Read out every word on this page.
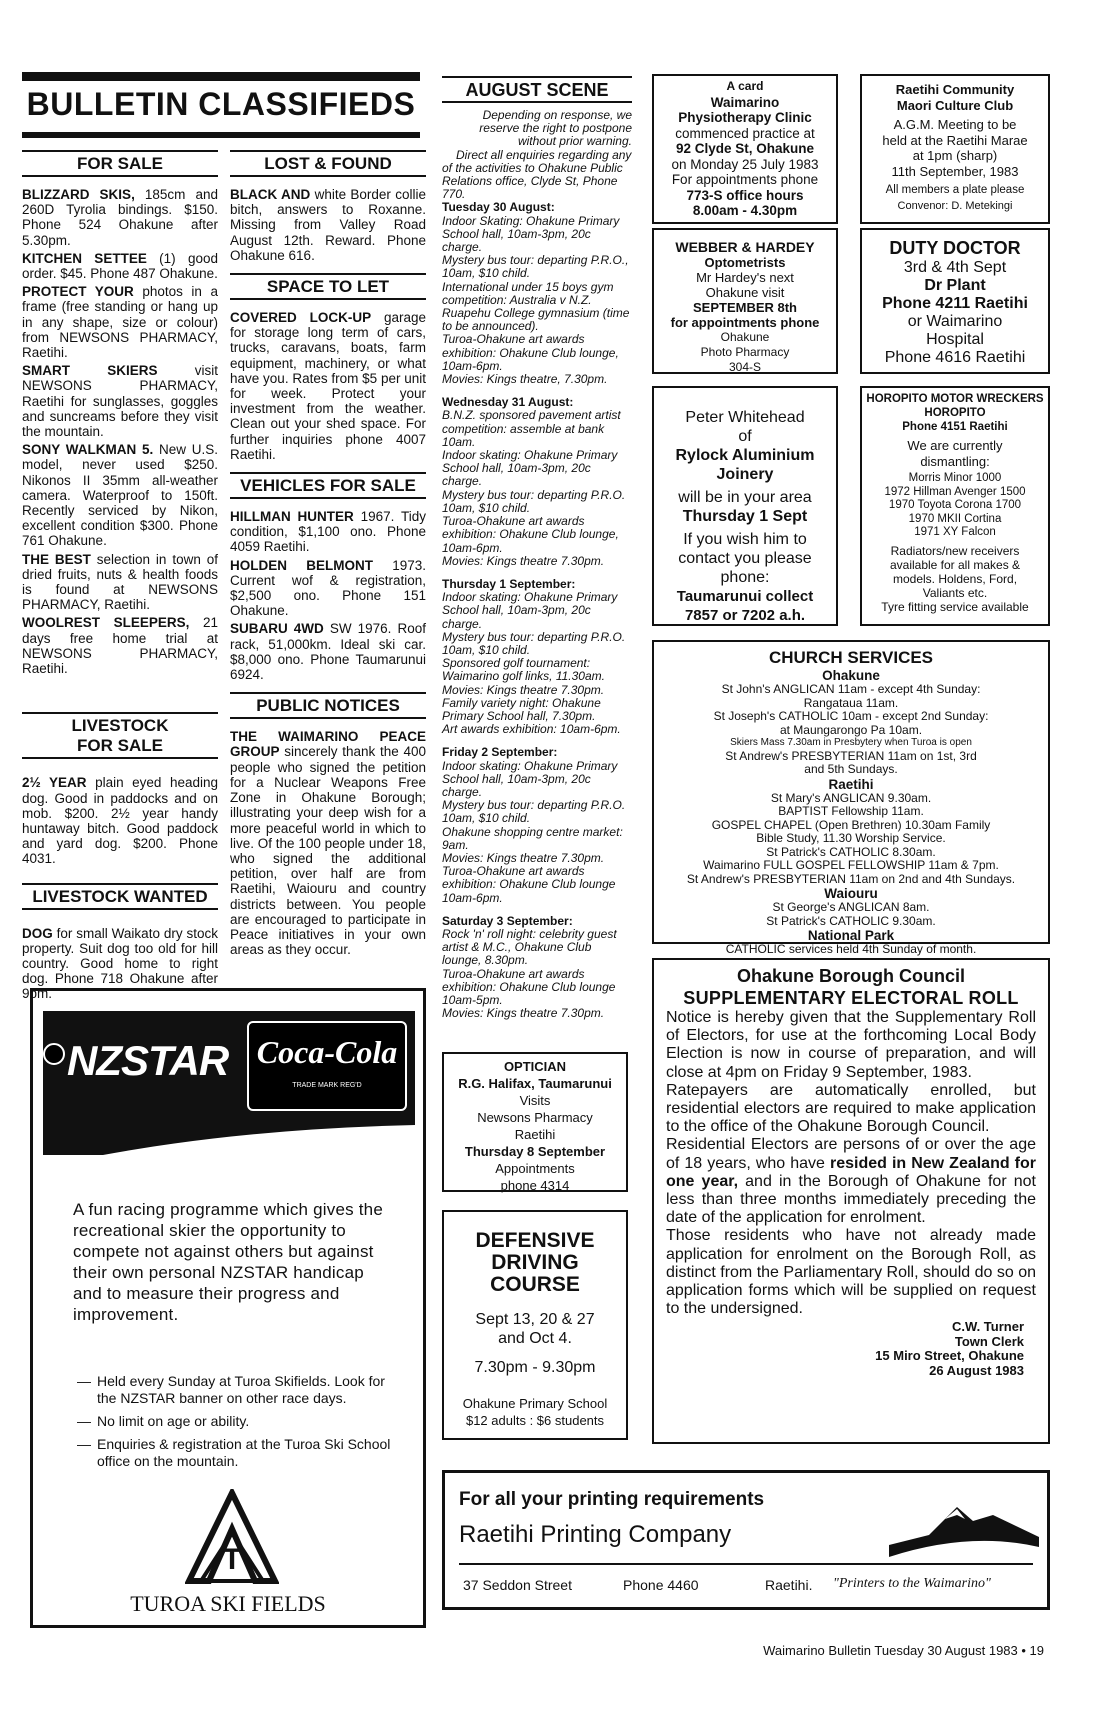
BULLETIN CLASSIFIEDS
FOR SALE

BLIZZARD SKIS, 185cm and 260D Tyrolia bindings. $150. Phone 524 Ohakune after 5.30pm.

KITCHEN SETTEE (1) good order. $45. Phone 487 Ohakune.

PROTECT YOUR photos in a frame (free standing or hang up in any shape, size or colour) from NEWSONS PHARMACY, Raetihi.

SMART SKIERS visit NEWSONS PHARMACY, Raetihi for sunglasses, goggles and suncreams before they visit the mountain.

SONY WALKMAN 5. New U.S. model, never used $250. Nikonos II 35mm all-weather camera. Waterproof to 150ft. Recently serviced by Nikon, excellent condition $300. Phone 761 Ohakune.

THE BEST selection in town of dried fruits, nuts & health foods is found at NEWSONS PHARMACY, Raetihi.

WOOLREST SLEEPERS, 21 days free home trial at NEWSONS PHARMACY, Raetihi.

LIVESTOCK
FOR SALE

2½ YEAR plain eyed heading dog. Good in paddocks and on mob. $200. 2½ year handy huntaway bitch. Good paddock and yard dog. $200. Phone 4031.

LIVESTOCK WANTED

DOG for small Waikato dry stock property. Suit dog too old for hill country. Good home to right dog. Phone 718 Ohakune after 9pm.

LOST & FOUND

BLACK AND white Border collie bitch, answers to Roxanne. Missing from Valley Road August 12th. Reward. Phone Ohakune 616.

SPACE TO LET

COVERED LOCK-UP garage for storage long term of cars, trucks, caravans, boats, farm equipment, machinery, or what have you. Rates from $5 per unit for week. Protect your investment from the weather. Clean out your shed space. For further inquiries phone 4007 Raetihi.

VEHICLES FOR SALE

HILLMAN HUNTER 1967. Tidy condition, $1,100 ono. Phone 4059 Raetihi.

HOLDEN BELMONT 1973. Current wof & registration, $2,500 ono. Phone 151 Ohakune.

SUBARU 4WD SW 1976. Roof rack, 51,000km. Ideal ski car. $8,000 ono. Phone Taumarunui 6924.

PUBLIC NOTICES

THE WAIMARINO PEACE GROUP sincerely thank the 400 people who signed the petition for a Nuclear Weapons Free Zone in Ohakune Borough; illustrating your deep wish for a more peaceful world in which to live. Of the 100 people under 18, who signed the additional petition, over half are from Raetihi, Waiouru and country districts between. You people are encouraged to participate in Peace initiatives in your own areas as they occur.

AUGUST SCENE

Depending on response, we reserve the right to postpone without prior warning.

Direct all enquiries regarding any of the activities to Ohakune Public Relations office, Clyde St, Phone 770.

Tuesday 30 August:

Indoor Skating: Ohakune Primary School hall, 10am-3pm, 20c charge.

Mystery bus tour: departing P.R.O., 10am, $10 child.

International under 15 boys gym competition: Australia v N.Z. Ruapehu College gymnasium (time to be announced).

Turoa-Ohakune art awards exhibition: Ohakune Club lounge, 10am-6pm.

Movies: Kings theatre, 7.30pm.

Wednesday 31 August:

B.N.Z. sponsored pavement artist competition: assemble at bank 10am.

Indoor skating: Ohakune Primary School hall, 10am-3pm, 20c charge.

Mystery bus tour: departing P.R.O. 10am, $10 child.

Turoa-Ohakune art awards exhibition: Ohakune Club lounge, 10am-6pm.

Movies: Kings theatre 7.30pm.

Thursday 1 September:

Indoor skating: Ohakune Primary School hall, 10am-3pm, 20c charge.

Mystery bus tour: departing P.R.O. 10am, $10 child.

Sponsored golf tournament: Waimarino golf links, 11.30am.

Movies: Kings theatre 7.30pm.

Family variety night: Ohakune Primary School hall, 7.30pm.

Art awards exhibition: 10am-6pm.

Friday 2 September:

Indoor skating: Ohakune Primary School hall, 10am-3pm, 20c charge.

Mystery bus tour: departing P.R.O. 10am, $10 child.

Ohakune shopping centre market: 9am.

Movies: Kings theatre 7.30pm.

Turoa-Ohakune art awards exhibition: Ohakune Club lounge 10am-6pm.

Saturday 3 September:

Rock 'n' roll night: celebrity guest artist & M.C., Ohakune Club lounge, 8.30pm.

Turoa-Ohakune art awards exhibition: Ohakune Club lounge 10am-5pm.

Movies: Kings theatre 7.30pm.

OPTICIAN
R.G. Halifax, Taumarunui
Visits
Newsons Pharmacy
Raetihi
Thursday 8 September
Appointments
phone 4314
DEFENSIVE
DRIVING
COURSE
Sept 13, 20 & 27
and Oct 4.
7.30pm - 9.30pm
Ohakune Primary School
$12 adults : $6 students
A card
Waimarino
Physiotherapy Clinic
commenced practice at
92 Clyde St, Ohakune
on Monday 25 July 1983
For appointments phone
773-S office hours
8.00am - 4.30pm
Raetihi Community
Maori Culture Club
A.G.M. Meeting to be
held at the Raetihi Marae
at 1pm (sharp)
11th September, 1983
All members a plate please
Convenor: D. Metekingi
WEBBER & HARDEY
Optometrists
Mr Hardey's next
Ohakune visit
SEPTEMBER 8th
for appointments phone
Ohakune
Photo Pharmacy
304-S
DUTY DOCTOR
3rd & 4th Sept
Dr Plant
Phone 4211 Raetihi
or Waimarino
Hospital
Phone 4616 Raetihi
Peter Whitehead
of
Rylock Aluminium
Joinery
will be in your area
Thursday 1 Sept
If you wish him to
contact you please
phone:
Taumarunui collect
7857 or 7202 a.h.
HOROPITO MOTOR WRECKERS
HOROPITO
Phone 4151 Raetihi
We are currently
dismantling:
Morris Minor 1000
1972 Hillman Avenger 1500
1970 Toyota Corona 1700
1970 MKII Cortina
1971 XY Falcon
Radiators/new receivers
available for all makes &
models. Holdens, Ford,
Valiants etc.
Tyre fitting service available
CHURCH SERVICES
Ohakune
St John's ANGLICAN 11am - except 4th Sunday:
Rangataua 11am.
St Joseph's CATHOLIC 10am - except 2nd Sunday:
at Maungarongo Pa 10am.
Skiers Mass 7.30am in Presbytery when Turoa is open
St Andrew's PRESBYTERIAN 11am on 1st, 3rd
and 5th Sundays.
Raetihi
St Mary's ANGLICAN 9.30am.
BAPTIST Fellowship 11am.
GOSPEL CHAPEL (Open Brethren) 10.30am Family
Bible Study, 11.30 Worship Service.
St Patrick's CATHOLIC 8.30am.
Waimarino FULL GOSPEL FELLOWSHIP 11am & 7pm.
St Andrew's PRESBYTERIAN 11am on 2nd and 4th Sundays.
Waiouru
St George's ANGLICAN 8am.
St Patrick's CATHOLIC 9.30am.
National Park
CATHOLIC services held 4th Sunday of month.
Ohakune Borough Council
SUPPLEMENTARY ELECTORAL ROLL

Notice is hereby given that the Supplementary Roll of Electors, for use at the forthcoming Local Body Election is now in course of preparation, and will close at 4pm on Friday 9 September, 1983.

Ratepayers are automatically enrolled, but residential electors are required to make application to the office of the Ohakune Borough Council.

Residential Electors are persons of or over the age of 18 years, who have resided in New Zealand for one year, and in the Borough of Ohakune for not less than three months immediately preceding the date of the application for enrolment.

Those residents who have not already made application for enrolment on the Borough Roll, as distinct from the Parliamentary Roll, should do so on application forms which will be supplied on request to the undersigned.

C.W. Turner
Town Clerk
15 Miro Street, Ohakune
26 August 1983
NZSTAR Coca-Cola
TRADE MARK REG'D
A fun racing programme which gives the recreational skier the opportunity to compete not against others but against their own personal NZSTAR handicap and to measure their progress and improvement.
— Held every Sunday at Turoa Skifields. Look for the NZSTAR banner on other race days.
— No limit on age or ability.
— Enquiries & registration at the Turoa Ski School office on the mountain.
T
TUROA SKI FIELDS
For all your printing requirements
Raetihi Printing Company
37 Seddon Street	Phone 4460	Raetihi. "Printers to the Waimarino"
Waimarino Bulletin Tuesday 30 August 1983 • 19
